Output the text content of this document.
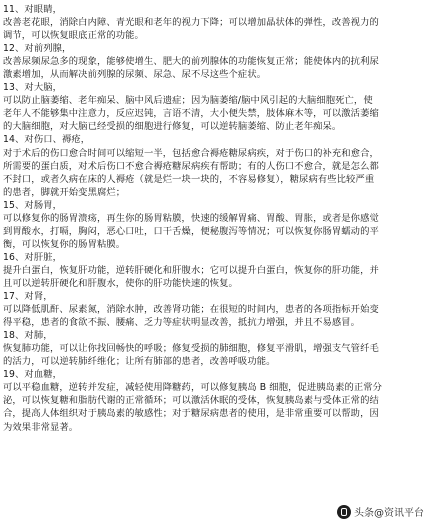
11、对眼睛，
改善老花眼，消除白内障、青光眼和老年的视力下降；可以增加晶状体的弹性，改善视力的
调节，可以恢复眼底正常的功能。
12、对前列腺，
改善尿频尿急多的现象，能够使增生、肥大的前列腺体的功能恢复正常；能使体内的抗利尿
激素增加，从而解决前列腺的尿频、尿急、尿不尽这些个症状。
13、对大脑，
可以防止脑萎缩、老年痴呆、脑中风后遗症；因为脑萎缩/脑中风引起的大脑细胞死亡，使
老年人不能够集中注意力，反应迟钝，言语不清，大小便失禁，肢体麻木等，可以激活萎缩
的大脑细胞，对大脑已经受损的细胞进行修复，可以逆转脑萎缩、防止老年痴呆。
14、对伤口、褥疮，
对于术后的伤口愈合时间可以缩短一半，包括愈合褥疮糖尿病疾，对于伤口的补充和愈合，
所需要的蛋白质，对术后伤口不愈合褥疮糖尿病疾有帮助；有的人伤口不愈合，就是怎么都
不封口，或者久病在床的人褥疮（就是烂一块一块的，不容易修复），糖尿病有些比较严重
的患者，脚就开始变黑腐烂；
15、对肠胃，
可以修复你的肠胃溃疡，再生你的肠胃粘膜，快速的缓解胃痛、胃酸、胃胀，或者是你感觉
到胃酸水，打嗝，胸闷，恶心口吐，口干舌燥，便秘腹泻等情况；可以恢复你肠胃蠕动的平
衡，可以恢复你的肠胃粘膜。
16、对肝脏，
提升白蛋白，恢复肝功能，逆转肝硬化和肝腹水；它可以提升白蛋白，恢复你的肝功能，并
且可以逆转肝硬化和肝腹水，使你的肝功能快速的恢复。
17、对肾，
可以降低肌酐、尿素氮，消除水肿，改善肾功能；在很短的时间内，患者的各项指标开始变
得平稳，患者的食欲不振、腰痛、乏力等症状明显改善，抵抗力增强，并且不易感冒。
18、对肺，
恢复肺功能，可以让你找回畅快的呼吸；修复受损的肺细胞，修复平滑肌，增强支气管纤毛
的活力，可以逆转肺纤维化；让所有肺部的患者，改善呼吸功能。
19、对血糖，
可以平稳血糖，逆转并发症，减轻使用降糖药，可以修复胰岛 B 细胞，促进胰岛素的正常分
泌，可以恢复糖和脂肪代谢的正常循环；可以激活休眠的受体，恢复胰岛素与受体正常的结
合，提高人体组织对于胰岛素的敏感性；对于糖尿病患者的使用，是非常重要可以帮助，因
为效果非常显著。
头条@资讯平台
